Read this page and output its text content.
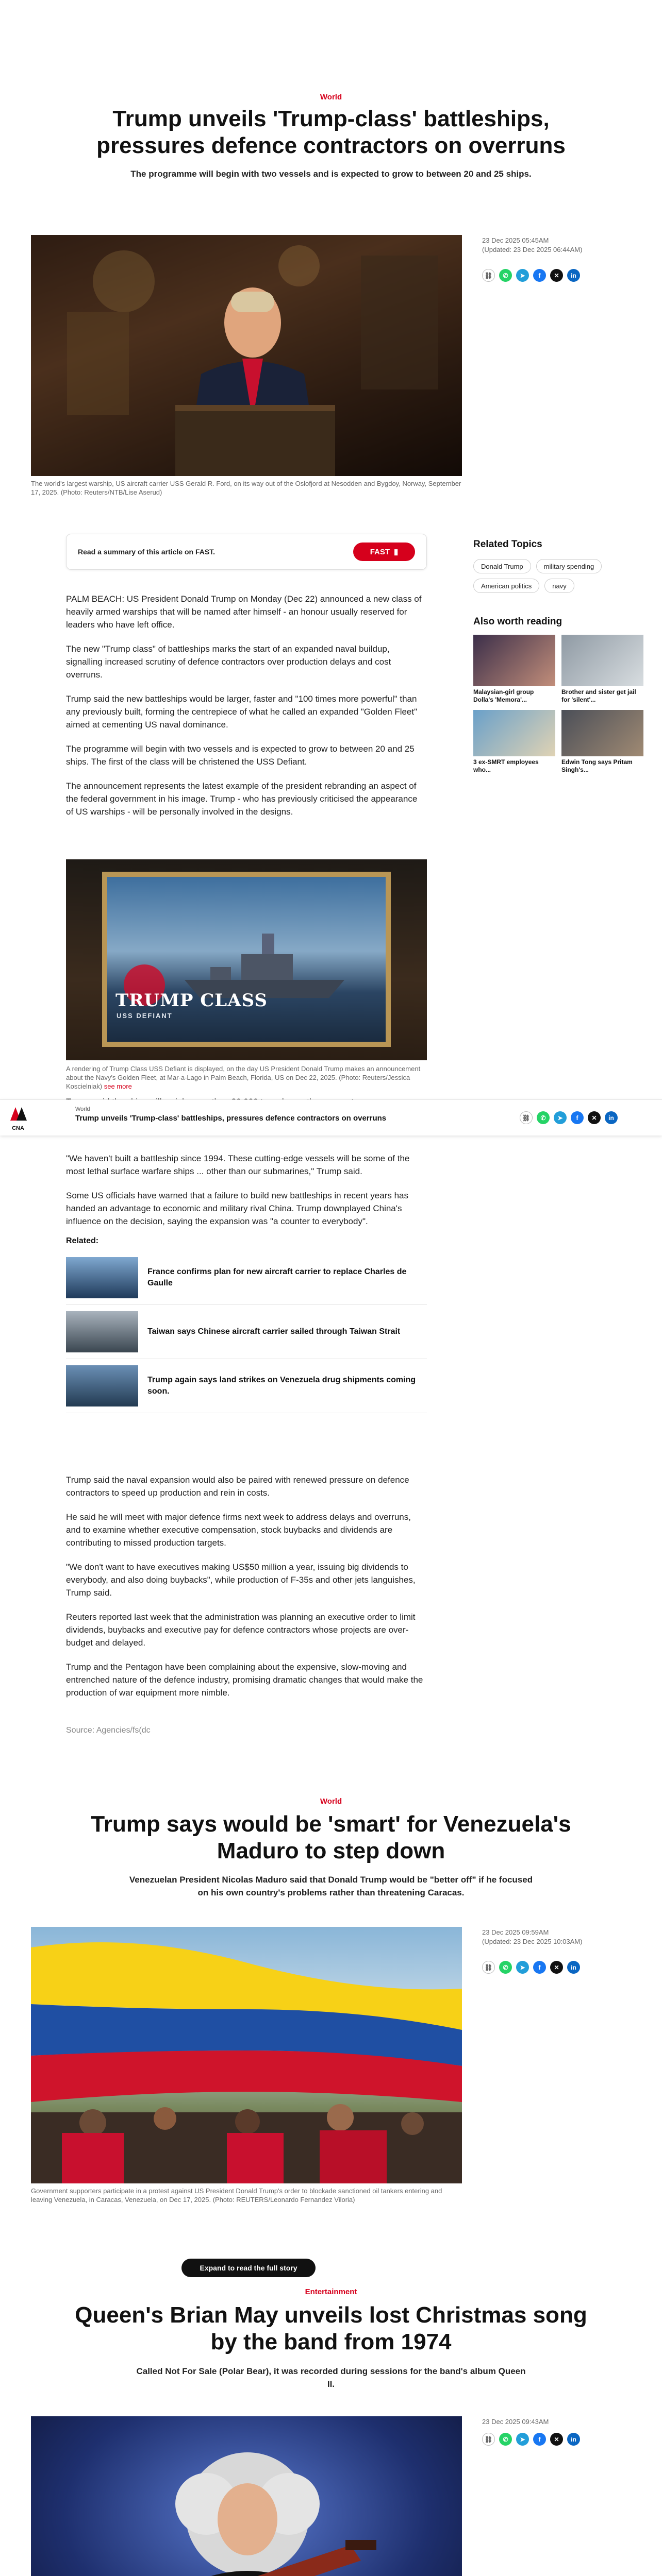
World
Trump unveils 'Trump-class' battleships, pressures defence contractors on overruns
The programme will begin with two vessels and is expected to grow to between 20 and 25 ships.
The world's largest warship, US aircraft carrier USS Gerald R. Ford, on its way out of the Oslofjord at Nesodden and Bygdoy, Norway, September 17, 2025. (Photo: Reuters/NTB/Lise Aserud)
23 Dec 2025 05:45AM
(Updated: 23 Dec 2025 06:44AM)
⛓	✆	➤	f	✕	in
Read a summary of this article on FAST.	FAST ▮
Related Topics
Donald Trump	military spending
American politics	navy
Also worth reading
Malaysian-girl group Dolla's 'Memora'...
Brother and sister get jail for 'silent'...
3 ex-SMRT employees who...
Edwin Tong says Pritam Singh's...

PALM BEACH: US President Donald Trump on Monday (Dec 22) announced a new class of heavily armed warships that will be named after himself - an honour usually reserved for leaders who have left office.

The new "Trump class" of battleships marks the start of an expanded naval buildup, signalling increased scrutiny of defence contractors over production delays and cost overruns.

Trump said the new battleships would be larger, faster and "100 times more powerful" than any previously built, forming the centrepiece of what he called an expanded "Golden Fleet" aimed at cementing US naval dominance.

The programme will begin with two vessels and is expected to grow to between 20 and 25 ships. The first of the class will be christened the USS Defiant.

The announcement represents the latest example of the president rebranding an aspect of the federal government in his image. Trump - who has previously criticised the appearance of US warships - will be personally involved in the designs.

TRUMP CLASS
USS DEFIANT
A rendering of Trump Class USS Defiant is displayed, on the day US President Donald Trump makes an announcement about the Navy's Golden Fleet, at Mar-a-Lago in Palm Beach, Florida, US on Dec 22, 2025. (Photo: Reuters/Jessica Koscielniak) see more
CNA
World
Trump unveils 'Trump-class' battleships, pressures defence contractors on overruns	⛓	✆	➤	f	✕	in

"We haven't built a battleship since 1994. These cutting-edge vessels will be some of the most lethal surface warfare ships ... other than our submarines," Trump said.

Some US officials have warned that a failure to build new battleships in recent years has handed an advantage to economic and military rival China. Trump downplayed China's influence on the decision, saying the expansion was "a counter to everybody".

Related:
France confirms plan for new aircraft carrier to replace Charles de Gaulle
Taiwan says Chinese aircraft carrier sailed through Taiwan Strait
Trump again says land strikes on Venezuela drug shipments coming soon.

Trump said the naval expansion would also be paired with renewed pressure on defence contractors to speed up production and rein in costs.

He said he will meet with major defence firms next week to address delays and overruns, and to examine whether executive compensation, stock buybacks and dividends are contributing to missed production targets.

"We don't want to have executives making US$50 million a year, issuing big dividends to everybody, and also doing buybacks", while production of F-35s and other jets languishes, Trump said.

Reuters reported last week that the administration was planning an executive order to limit dividends, buybacks and executive pay for defence contractors whose projects are over-budget and delayed.

Trump and the Pentagon have been complaining about the expensive, slow-moving and entrenched nature of the defence industry, promising dramatic changes that would make the production of war equipment more nimble.

Source: Agencies/fs(dc
World
Trump says would be 'smart' for Venezuela's Maduro to step down
Venezuelan President Nicolas Maduro said that Donald Trump would be "better off" if he focused on his own country's problems rather than threatening Caracas.
Government supporters participate in a protest against US President Donald Trump's order to blockade sanctioned oil tankers entering and leaving Venezuela, in Caracas, Venezuela, on Dec 17, 2025. (Photo: REUTERS/Leonardo Fernandez Viloria)
23 Dec 2025 09:59AM
(Updated: 23 Dec 2025 10:03AM)
⛓	✆	➤	f	✕	in
Expand to read the full story
Entertainment
Queen's Brian May unveils lost Christmas song by the band from 1974
Called Not For Sale (Polar Bear), it was recorded during sessions for the band's album Queen II.
23 Dec 2025 09:43AM
⛓	✆	➤	f	✕	in
